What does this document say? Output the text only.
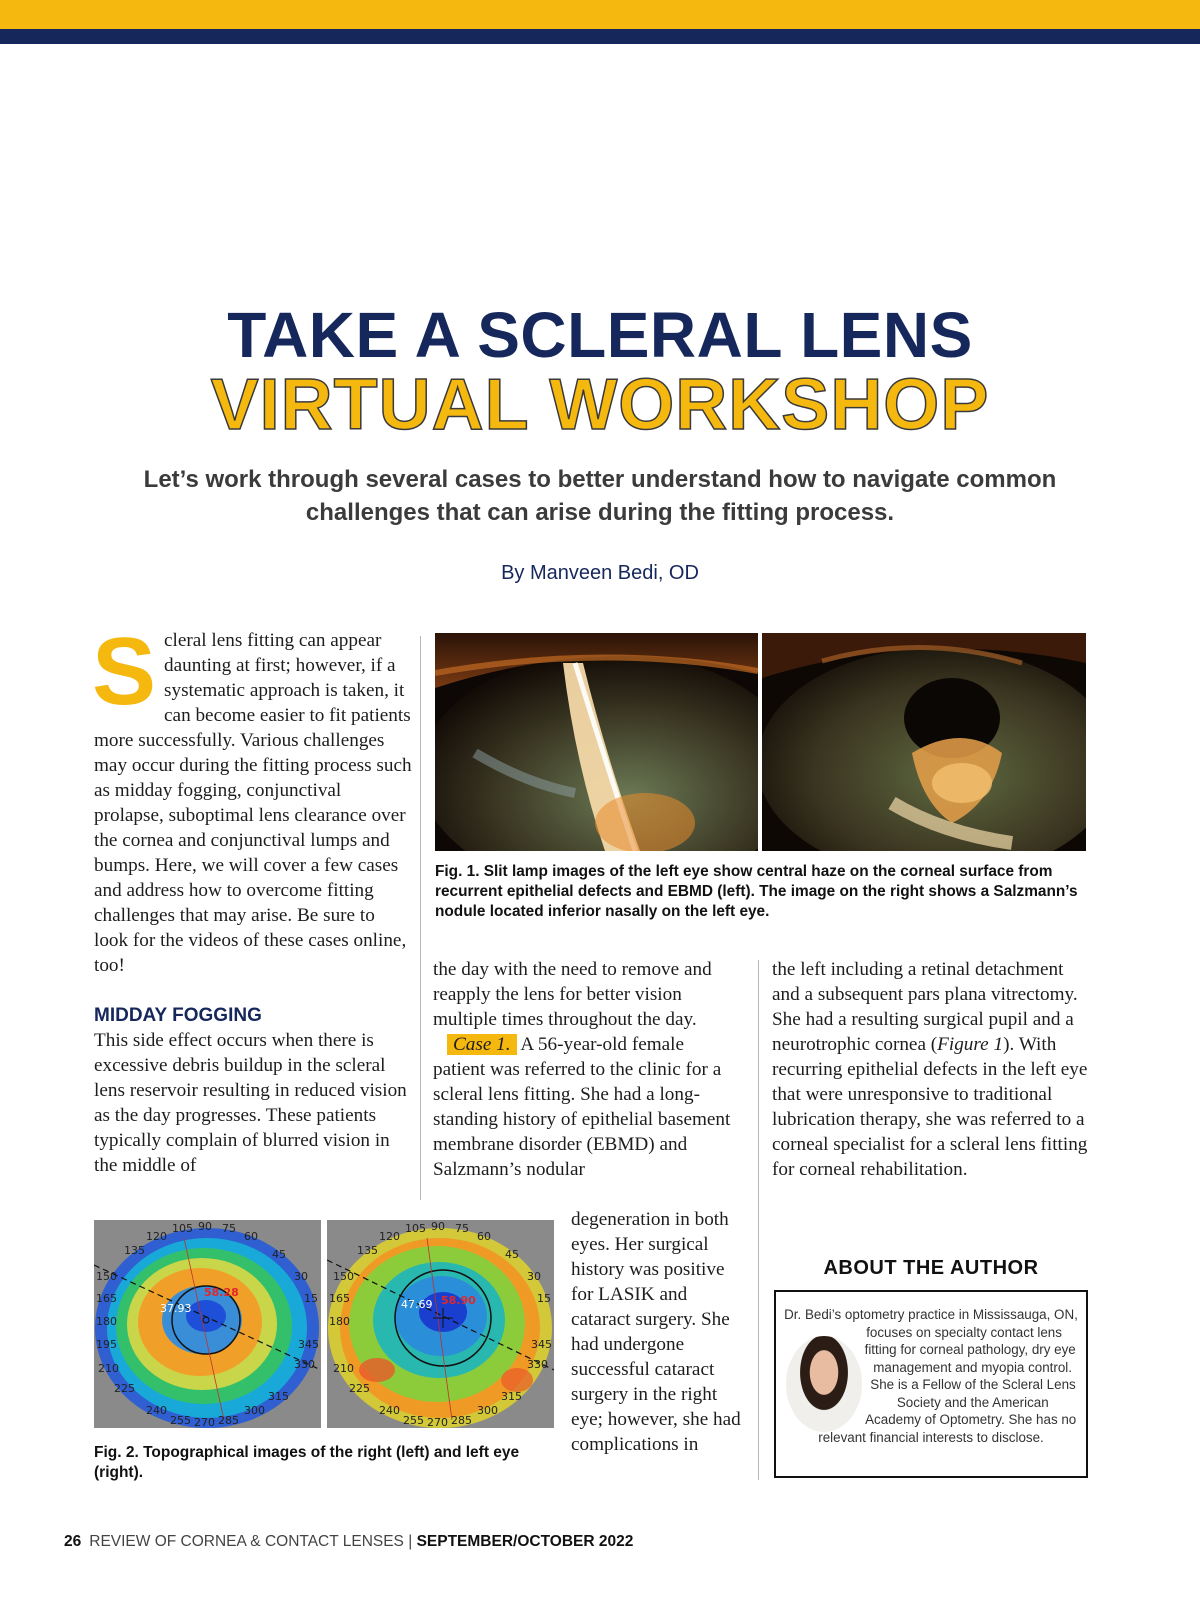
TAKE A SCLERAL LENS
VIRTUAL WORKSHOP
Let’s work through several cases to better understand how to navigate common challenges that can arise during the fitting process.
By Manveen Bedi, OD
S cleral lens fitting can appear daunting at first; however, if a systematic approach is taken, it can become easier to fit patients more successfully. Various challenges may occur during the fitting process such as midday fogging, conjunctival prolapse, suboptimal lens clearance over the cornea and conjunctival lumps and bumps. Here, we will cover a few cases and address how to overcome fitting challenges that may arise. Be sure to look for the videos of these cases online, too!
MIDDAY FOGGING
This side effect occurs when there is excessive debris buildup in the scleral lens reservoir resulting in reduced vision as the day progresses. These patients typically complain of blurred vision in the middle of
Fig. 1. Slit lamp images of the left eye show central haze on the corneal surface from recurrent epithelial defects and EBMD (left). The image on the right shows a Salzmann’s nodule located inferior nasally on the left eye.
the day with the need to remove and reapply the lens for better vision multiple times throughout the day.
Case 1. A 56-year-old female patient was referred to the clinic for a scleral lens fitting. She had a long-standing history of epithelial basement membrane disorder (EBMD) and Salzmann’s nodular
degeneration in both eyes. Her surgical history was positive for LASIK and cataract surgery. She had undergone successful cataract surgery in the right eye; however, she had complications in
the left including a retinal detachment and a subsequent pars plana vitrectomy. She had a resulting surgical pupil and a neurotrophic cornea (Figure 1). With recurring epithelial defects in the left eye that were unresponsive to traditional lubrication therapy, she was referred to a corneal specialist for a scleral lens fitting for corneal rehabilitation.
105 90 75
120	60
135	45
150	30
165	15
180
195	345
210	330
225
315
240	300
255 270 285
37.93
58.28
105 90 75
120	60
135	45
150	30
165	15
180
345
210	330
225
315
240	300
255 270 285
47.69 58.90
Fig. 2. Topographical images of the right (left) and left eye (right).
ABOUT THE AUTHOR
Dr. Bedi’s optometry practice in Mississauga, ON, focuses on specialty contact lens fitting for corneal pathology, dry eye management and myopia control. She is a Fellow of the Scleral Lens Society and the American Academy of Optometry. She has no relevant financial interests to disclose.
26 REVIEW OF CORNEA & CONTACT LENSES | SEPTEMBER/OCTOBER 2022
